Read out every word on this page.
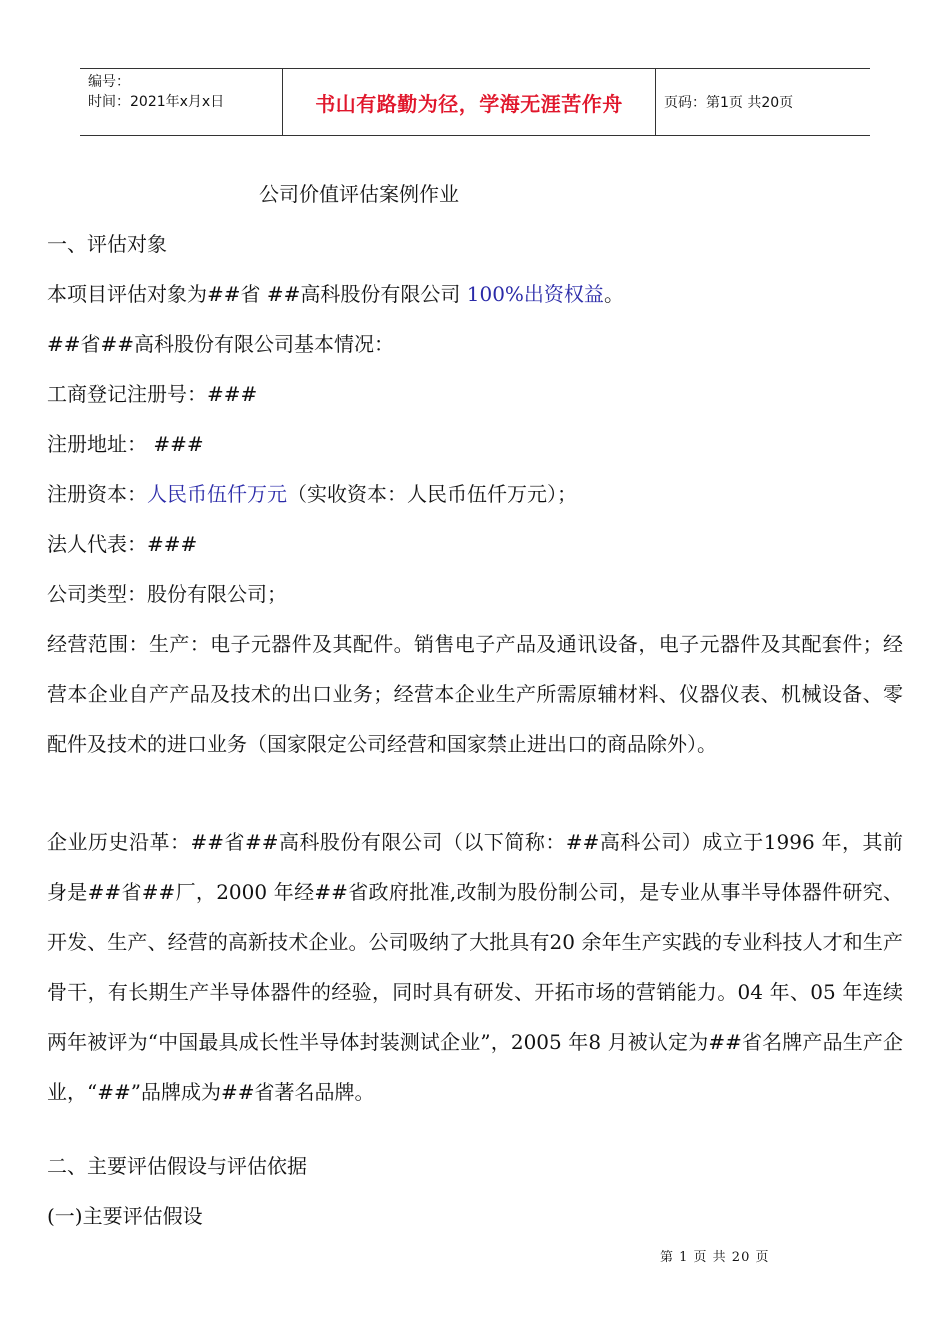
编号：
时间：2021年x月x日	书山有路勤为径，学海无涯苦作舟	页码：第1页 共20页
公司价值评估案例作业
一、评估对象
本项目评估对象为##省 ##高科股份有限公司 100%出资权益。
##省##高科股份有限公司基本情况：
工商登记注册号：###
注册地址： ###
注册资本：人民币伍仟万元（实收资本：人民币伍仟万元）；
法人代表：###
公司类型：股份有限公司；
经营范围：生产：电子元器件及其配件。销售电子产品及通讯设备，电子元器件及其配套件；经营本企业自产产品及技术的出口业务；经营本企业生产所需原辅材料、仪器仪表、机械设备、零配件及技术的进口业务（国家限定公司经营和国家禁止进出口的商品除外）。
企业历史沿革：##省##高科股份有限公司（以下简称：##高科公司）成立于1996 年，其前身是##省##厂，2000 年经##省政府批准,改制为股份制公司，是专业从事半导体器件研究、开发、生产、经营的高新技术企业。公司吸纳了大批具有20 余年生产实践的专业科技人才和生产骨干，有长期生产半导体器件的经验，同时具有研发、开拓市场的营销能力。04 年、05 年连续两年被评为“中国最具成长性半导体封装测试企业”，2005 年8 月被认定为##省名牌产品生产企业，“##”品牌成为##省著名品牌。
二、主要评估假设与评估依据
(一)主要评估假设
第 1 页 共 20 页
